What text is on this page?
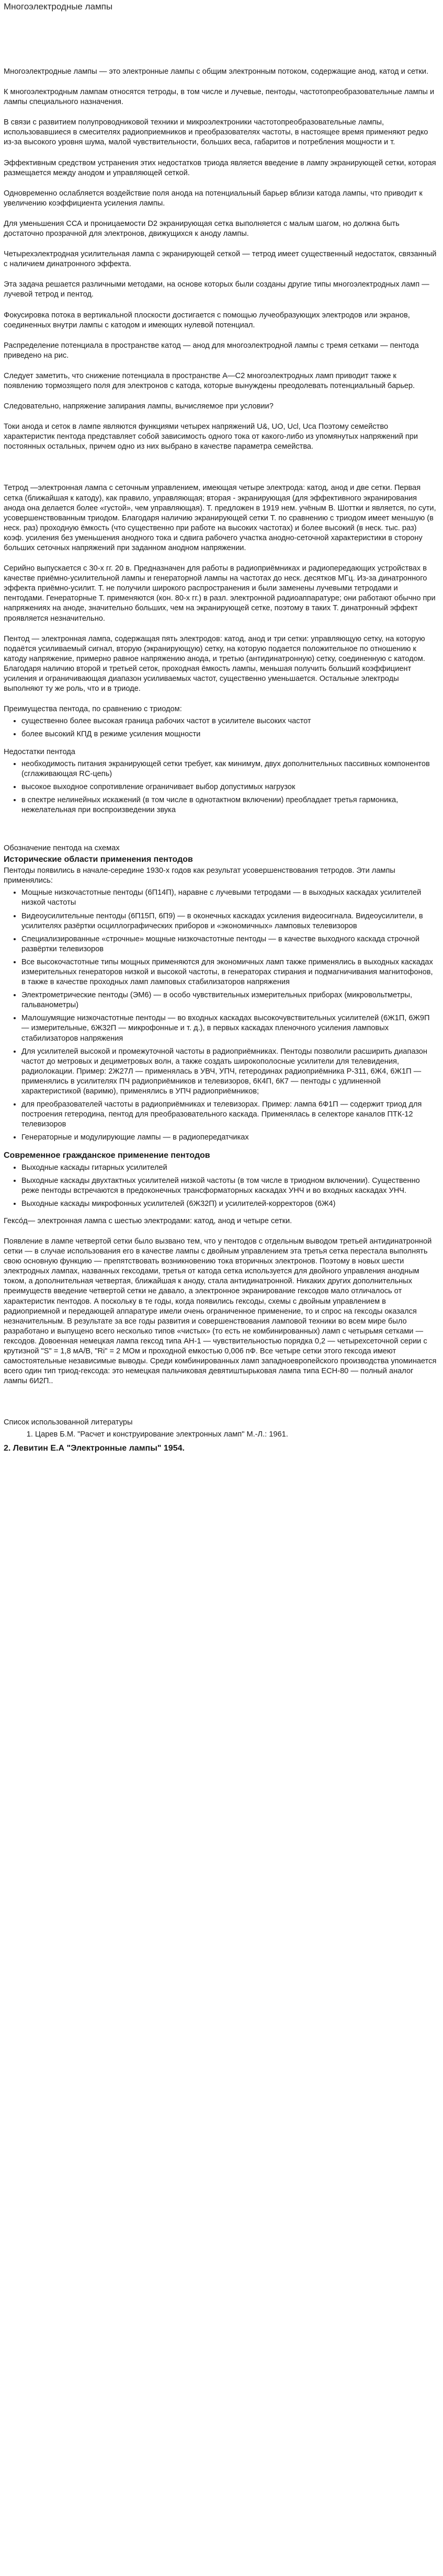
Многоэлектродные лампы

Многоэлектродные лампы — это электронные лампы с общим электронным потоком, содержащие анод, катод и сетки.

К многоэлектродным лампам относятся тетроды, в том числе и лучевые, пентоды, частотопреобразовательные лампы и лампы специального назначения.

В связи с развитием полупроводниковой техники и микроэлектроники частотопреобразовательные лампы, использовавшиеся в смесителях радиоприемников и преобразователях частоты, в настоящее время применяют редко из-за высокого уровня шума, малой чувствительности, больших веса, габаритов и потребления мощности и т.

Эффективным средством устранения этих недостатков триода является введение в лампу экранирующей сетки, которая размещается между анодом и управляющей сеткой.

Одновременно ослабляется воздействие поля анода на потенциальный барьер вблизи катода лампы, что приводит к увеличению коэффициента усиления лампы.

Для уменьшения ССА и проницаемости D2 экранирующая сетка выполняется с малым шагом, но должна быть достаточно прозрачной для электронов, движущихся к аноду лампы.

Четырехэлектродная усилительная лампа с экранирующей сеткой — тетрод имеет существенный недостаток, связанный с наличием динатронного эффекта.

Эта задача решается различными методами, на основе которых были созданы другие типы многоэлектродных ламп — лучевой тетрод и пентод.

Фокусировка потока в вертикальной плоскости достигается с помощью лучеобразующих электродов или экранов, соединенных внутри лампы с катодом и имеющих нулевой потенциал.

Распределение потенциала в пространстве катод — анод для многоэлектродной лампы с тремя сетками — пентода приведено на рис.

Следует заметить, что снижение потенциала в пространстве А—С2 многоэлектродных ламп приводит также к появлению тормозящего поля для электронов с катода, которые вынуждены преодолевать потенциальный барьер.

Следовательно, напряжение запирания лампы, вычисляемое при условии?

Токи анода и сеток в лампе являются функциями четырех напряжений U&, UO, Ucl, Uca Поэтому семейство характеристик пентода представляет собой зависимость одного тока от какого-либо из упомянутых напряжений при постоянных остальных, причем одно из них выбрано в качестве параметра семейства.

Тетрод —электронная лампа с сеточным управлением, имеющая четыре электрода: катод, анод и две сетки. Первая сетка (ближайшая к катоду), как правило, управляющая; вторая - экранирующая (для эффективного экранирования анода она делается более «густой», чем управляющая). Т. предложен в 1919 нем. учёным В. Шоттки и является, по сути, усовершенствованным триодом. Благодаря наличию экранирующей сетки Т. по сравнению с триодом имеет меньшую (в неск. раз) проходную ёмкость (что существенно при работе на высоких частотах) и более высокий (в неск. тыс. раз) коэф. усиления без уменьшения анодного тока и сдвига рабочего участка анодно-сеточной характеристики в сторону больших сеточных напряжений при заданном анодном напряжении.

Серийно выпускается с 30-х гг. 20 в. Предназначен для работы в радиоприёмниках и радиопередающих устройствах в качестве приёмно-усилительной лампы и генераторной лампы на частотах до неск. десятков МГц. Из-за динатронного эффекта приёмно-усилит. Т. не получили широкого распространения и были заменены лучевыми тетродами и пентодами. Генераторные Т. применяются (кон. 80-х гг.) в разл. электронной радиоаппаратуре; они работают обычно при напряжениях на аноде, значительно больших, чем на экранирующей сетке, поэтому в таких Т. динатронный эффект проявляется незначительно.

Пентод — электронная лампа, содержащая пять электродов: катод, анод и три сетки: управляющую сетку, на которую подаётся усиливаемый сигнал, вторую (экранирующую) сетку, на которую подается положительное по отношению к катоду напряжение, примерно равное напряжению анода, и третью (антидинатронную) сетку, соединенную с катодом. Благодаря наличию второй и третьей сеток, проходная ёмкость лампы, меньшая получить больший коэффициент усиления и ограничивающая диапазон усиливаемых частот, существенно уменьшается. Остальные электроды выполняют ту же роль, что и в триоде.

Преимущества пентода, по сравнению с триодом:

• существенно более высокая граница рабочих частот в усилителе высоких частот
• более высокий КПД в режиме усиления мощности

Недостатки пентода

• необходимость питания экранирующей сетки требует, как минимум, двух дополнительных пассивных компонентов (сглаживающая RC-цепь)
• высокое выходное сопротивление ограничивает выбор допустимых нагрузок
• в спектре нелинейных искажений (в том числе в однотактном включении) преобладает третья гармоника, нежелательная при воспроизведении звука

Обозначение пентода на схемах

Исторические области применения пентодов

Пентоды появились в начале-середине 1930-х годов как результат усовершенствования тетродов. Эти лампы применялись:

• Мощные низкочастотные пентоды (6П14П), наравне с лучевыми тетродами — в выходных каскадах усилителей низкой частоты
• Видеоусилительные пентоды (6П15П, 6П9) — в оконечных каскадах усиления видеосигнала. Видеоусилители, в усилителях разёртки осциллографических приборов и «экономичных» ламповых телевизоров
• Специализированные «строчные» мощные низкочастотные пентоды — в качестве выходного каскада строчной развёртки телевизоров
• Все высокочастотные типы мощных применяются для экономичных ламп также применялись в выходных каскадах измерительных генераторов низкой и высокой частоты, в генераторах стирания и подмагничивания магнитофонов, в также в качестве проходных ламп ламповых стабилизаторов напряжения
• Электрометрические пентоды (ЭМ6) — в особо чувствительных измерительных приборах (микровольтметры, гальванометры)
• Малошумящие низкочастотные пентоды — во входных каскадах высокочувствительных усилителей (6Ж1П, 6Ж9П — измерительные, 6Ж32П — микрофонные и т. д.), в первых каскадах пленочного усиления ламповых стабилизаторов напряжения
• Для усилителей высокой и промежуточной частоты в радиоприёмниках. Пентоды позволили расширить диапазон частот до метровых и дециметровых волн, а также создать широкополосные усилители для телевидения, радиолокации. Пример: 2Ж27Л — применялась в УВЧ, УПЧ, гетеродинах радиоприёмника Р-311, 6Ж4, 6Ж1П — применялись в усилителях ПЧ радиоприёмников и телевизоров, 6К4П, 6К7 — пентоды с удлиненной характеристикой (варимю), применялись в УПЧ радиоприёмников;
• для преобразователей частоты в радиоприёмниках и телевизорах. Пример: лампа 6Ф1П — содержит триод для построения гетеродина, пентод для преобразовательного каскада. Применялась в селекторе каналов ПТК-12 телевизоров
• Генераторные и модулирующие лампы — в радиопередатчиках
Современное гражданское применение пентодов
• Выходные каскады гитарных усилителей
• Выходные каскады двухтактных усилителей низкой частоты (в том числе в триодном включении). Существенно реже пентоды встречаются в предоконечных трансформаторных каскадах УНЧ и во входных каскадах УНЧ.
• Выходные каскады микрофонных усилителей (6Ж32П) и усилителей-корректоров (6Ж4)

Гексо́д— электронная лампа с шестью электродами: катод, анод и четыре сетки.

Появление в лампе четвертой сетки было вызвано тем, что у пентодов с отдельным выводом третьей антидинатронной сетки — в случае использования его в качестве лампы с двойным управлением эта третья сетка перестала выполнять свою основную функцию — препятствовать возникновению тока вторичных электронов. Поэтому в новых шести электродных лампах, названных гексодами, третья от катода сетка используется для двойного управления анодным током, а дополнительная четвертая, ближайшая к аноду, стала антидинатронной. Никаких других дополнительных преимуществ введение четвертой сетки не давало, а электронное экранирование гексодов мало отличалось от характеристик пентодов. А поскольку в те годы, когда появились гексоды, схемы с двойным управлением в радиоприемной и передающей аппаратуре имели очень ограниченное применение, то и спрос на гексоды оказался незначительным. В результате за все годы развития и совершенствования ламповой техники во всем мире было разработано и выпущено всего несколько типов «чистых» (то есть не комбинированных) ламп с четырьмя сетками — гексодов. Довоенная немецкая лампа гексод типа АН-1 — чувствительностью порядка 0,2 — четырехсеточной серии с крутизной "S" = 1,8 мА/В, "Ri" = 2 МОм и проходной емкостью 0,006 пФ. Все четыре сетки этого гексода имеют самостоятельные независимые выводы. Среди комбинированных ламп западноевропейского производства упоминается всего один тип триод-гексода: это немецкая пальчиковая девятиштырьковая лампа типа ЕСН-80 — полный аналог лампы 6И2П..

Список использованной литературы

1. Царев Б.М. "Расчет и конструирование электронных ламп" М.-Л.: 1961.

2. Левитин Е.А "Электронные лампы" 1954.
